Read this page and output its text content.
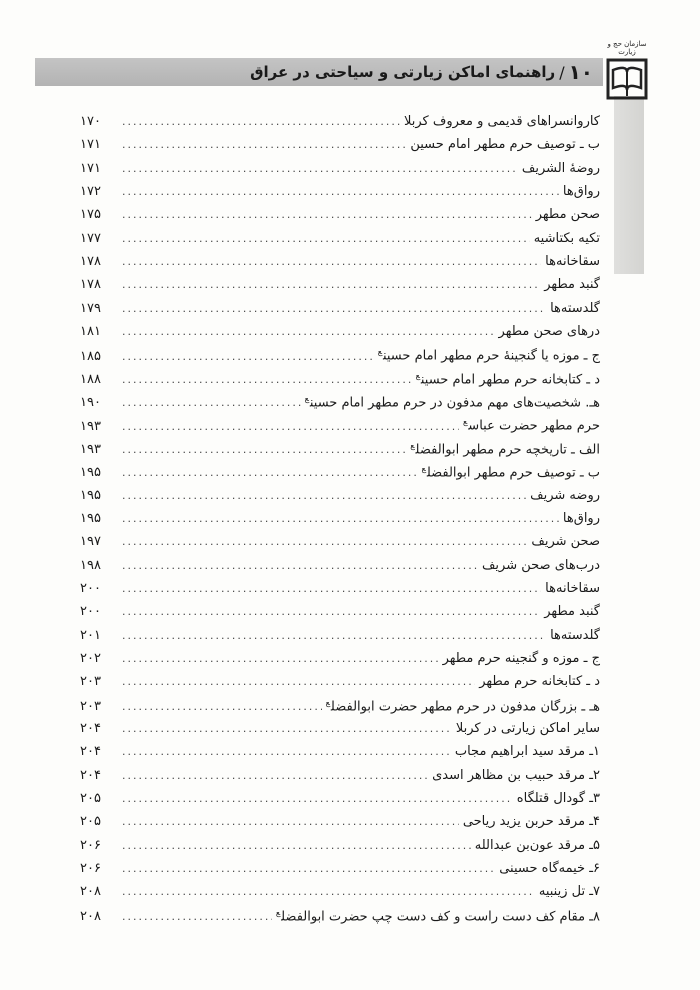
سازمان حج و زیارت
۱۰
/
راهنمای اماکن زیارتی و سیاحتی در عراق
کاروانسراهای قدیمی و معروف کربلا
.....
۱۷۰
ب ـ توصیف حرم مطهر امام حسین
.....
۱۷۱
روضهٔ الشریف
.....
۱۷۱
رواق‌ها
.....
۱۷۲
صحن مطهر
.....
۱۷۵
تکیه بکتاشیه
.....
۱۷۷
سقاخانه‌ها
.....
۱۷۸
گنبد مطهر
.....
۱۷۸
گلدسته‌ها
.....
۱۷۹
درهای صحن مطهر
.....
۱۸۱
ج ـ موزه یا گنجینهٔ حرم مطهر امام حسین$^ع$
.....
۱۸۵
د ـ کتابخانه حرم مطهر امام حسین$^ع$
.....
۱۸۸
هـ. شخصیت‌های مهم مدفون در حرم مطهر امام حسین$^ع$
.....
۱۹۰
حرم مطهر حضرت عباس$^ع$
.....
۱۹۳
الف ـ تاریخچه حرم مطهر ابوالفضل$^ع$
.....
۱۹۳
ب ـ توصیف حرم مطهر ابوالفضل$^ع$
.....
۱۹۵
روضه شریف
.....
۱۹۵
رواق‌ها
.....
۱۹۵
صحن شریف
.....
۱۹۷
درب‌های صحن شریف
.....
۱۹۸
سقاخانه‌ها
.....
۲۰۰
گنبد مطهر
.....
۲۰۰
گلدسته‌ها
.....
۲۰۱
ج ـ موزه و گنجینه حرم مطهر
.....
۲۰۲
د ـ کتابخانه حرم مطهر
.....
۲۰۳
هـ ـ بزرگان مدفون در حرم مطهر حضرت ابوالفضل$^ع$
.....
۲۰۳
سایر اماکن زیارتی در کربلا
.....
۲۰۴
۱ـ مرقد سید ابراهیم مجاب
.....
۲۰۴
۲ـ مرقد حبیب بن مظاهر اسدی
.....
۲۰۴
۳ـ گودال قتلگاه
.....
۲۰۵
۴ـ مرقد حربن یزید ریاحی
.....
۲۰۵
۵ـ مرقد عون‌بن عبدالله
.....
۲۰۶
۶ـ خیمه‌گاه حسینی
.....
۲۰۶
۷ـ تل زینبیه
.....
۲۰۸
۸ـ مقام کف دست راست و کف دست چپ حضرت ابوالفضل$^ع$
.....
۲۰۸
